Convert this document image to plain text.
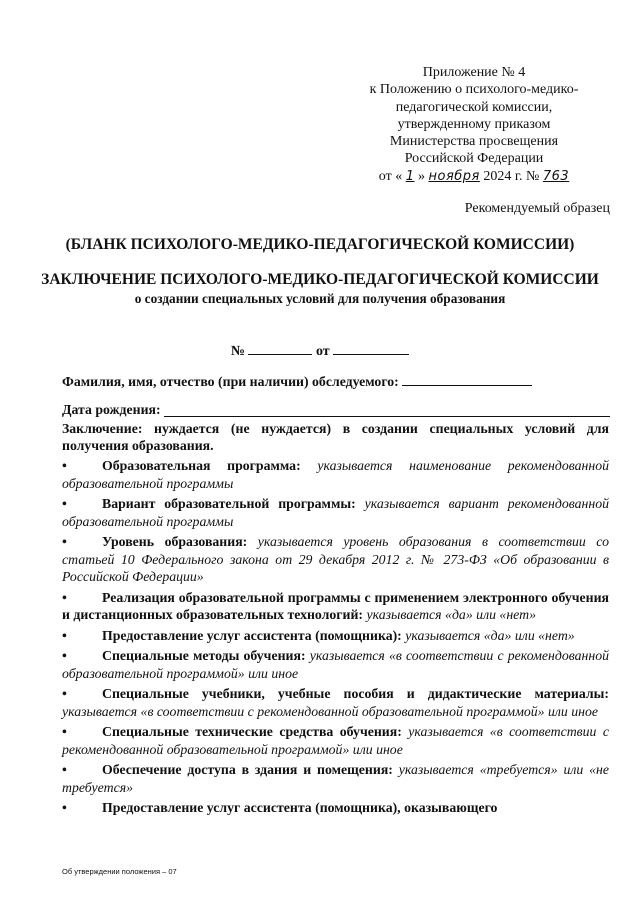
Приложение № 4
к Положению о психолого-медико-
педагогической комиссии,
утвержденному приказом
Министерства просвещения
Российской Федерации
от « 1 » ноября 2024 г. № 763
Рекомендуемый образец
(БЛАНК ПСИХОЛОГО-МЕДИКО-ПЕДАГОГИЧЕСКОЙ КОМИССИИ)
ЗАКЛЮЧЕНИЕ ПСИХОЛОГО-МЕДИКО-ПЕДАГОГИЧЕСКОЙ КОМИССИИ
о создании специальных условий для получения образования
№	от
Фамилия, имя, отчество (при наличии) обследуемого:
Дата рождения:

Заключение: нуждается (не нуждается) в создании специальных условий для получения образования.

•	Образовательная программа: указывается наименование рекомендованной образовательной программы

•	Вариант образовательной программы: указывается вариант рекомендованной образовательной программы

•	Уровень образования: указывается уровень образования в соответствии со статьей 10 Федерального закона от 29 декабря 2012 г. № 273-ФЗ «Об образовании в Российской Федерации»

•	Реализация образовательной программы с применением электронного обучения и дистанционных образовательных технологий: указывается «да» или «нет»

•	Предоставление услуг ассистента (помощника): указывается «да» или «нет»

•	Специальные методы обучения: указывается «в соответствии с рекомендованной образовательной программой» или иное

•	Специальные учебники, учебные пособия и дидактические материалы: указывается «в соответствии с рекомендованной образовательной программой» или иное

•	Специальные технические средства обучения: указывается «в соответствии с рекомендованной образовательной программой» или иное

•	Обеспечение доступа в здания и помещения: указывается «требуется» или «не требуется»

•	Предоставление услуг ассистента (помощника), оказывающего

Об утверждении положения – 07
